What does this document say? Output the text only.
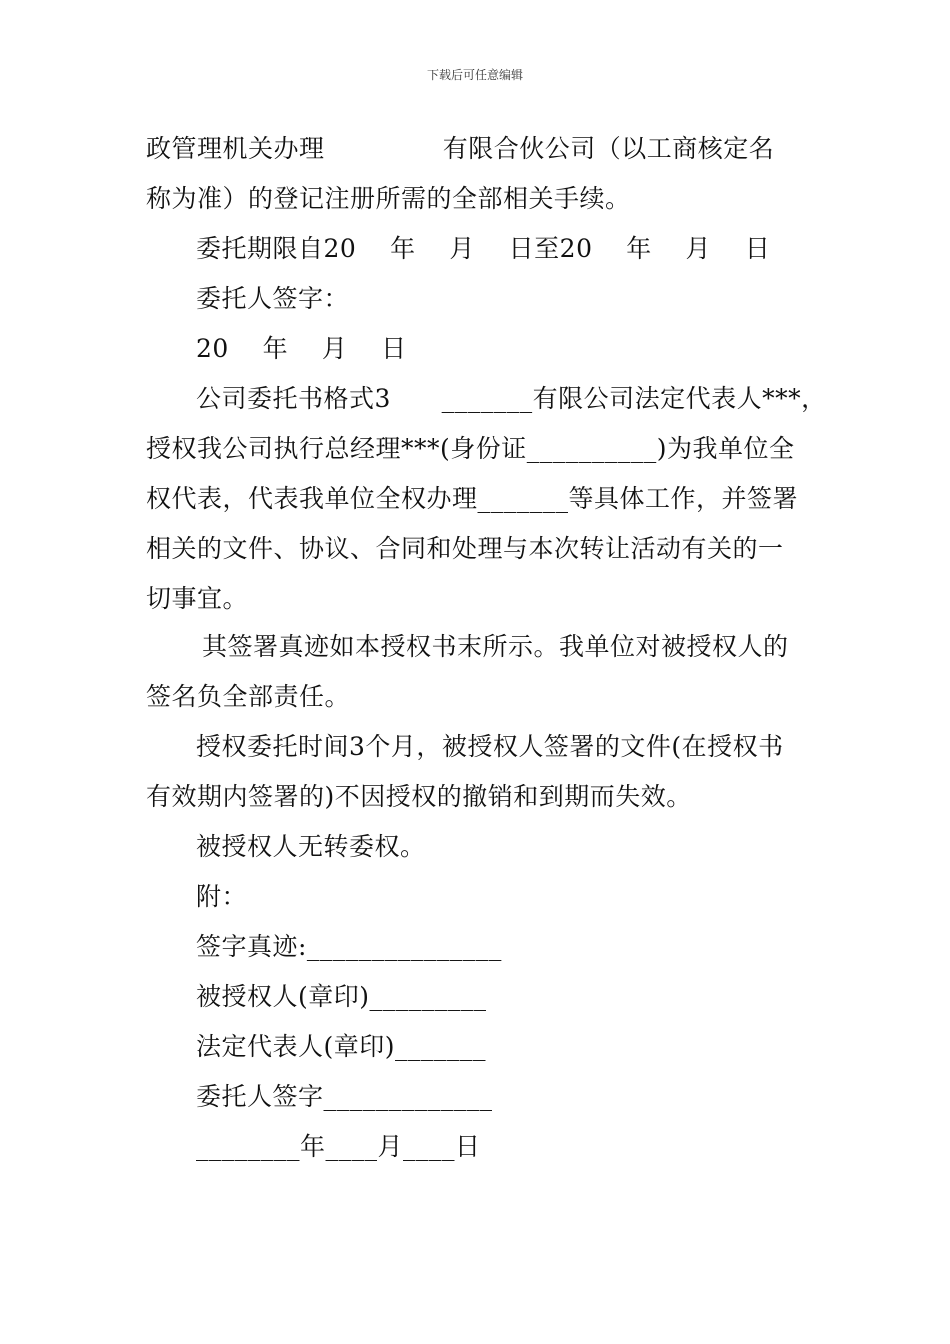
下载后可任意编辑
政管理机关办理              有限合伙公司（以工商核定名
称为准）的登记注册所需的全部相关手续。
委托期限自20    年    月    日至20    年    月    日
委托人签字：
20    年    月    日
公司委托书格式3      _______有限公司法定代表人***，
授权我公司执行总经理***(身份证__________)为我单位全
权代表，代表我单位全权办理_______等具体工作，并签署
相关的文件、协议、合同和处理与本次转让活动有关的一
切事宜。
其签署真迹如本授权书末所示。我单位对被授权人的
签名负全部责任。
授权委托时间3个月，被授权人签署的文件(在授权书
有效期内签署的)不因授权的撤销和到期而失效。
被授权人无转委权。
附：
签字真迹:_______________
被授权人(章印)_________
法定代表人(章印)_______
委托人签字_____________
________年____月____日
